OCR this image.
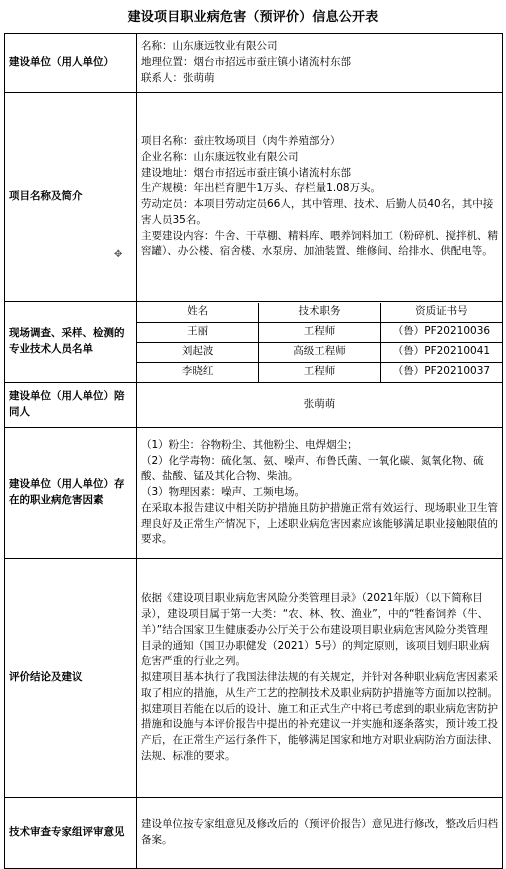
建设项目职业病危害（预评价）信息公开表
建设单位（用人单位）	
名称：山东康远牧业有限公司
地理位置：烟台市招远市蚕庄镇小诸流村东部
联系人：张萌萌

项目名称及简介	
项目名称：蚕庄牧场项目（肉牛养殖部分）
企业名称：山东康远牧业有限公司
建设地址：烟台市招远市蚕庄镇小诸流村东部
生产规模：年出栏育肥牛1万头、存栏量1.08万头。
劳动定员：本项目劳动定员66人，其中管理、技术、后勤人员40名，其中接害人员35名。
主要建设内容：牛舍、干草棚、精料库、喂养饲料加工（粉碎机、搅拌机、精窖罐）、办公楼、宿舍楼、水泵房、加油装置、维修间、给排水、供配电等。

现场调查、采样、检测的专业技术人员名单	
姓名	技术职务	资质证书号
王丽	工程师	（鲁）PF20210036
刘起波	高级工程师	（鲁）PF20210041
李晓红	工程师	（鲁）PF20210037

建设单位（用人单位）陪同人	张萌萌
建设单位（用人单位）存在的职业病危害因素	
（1）粉尘：谷物粉尘、其他粉尘、电焊烟尘；
（2）化学毒物：硫化氢、氨、噪声、布鲁氏菌、一氧化碳、氮氧化物、硫酸、盐酸、锰及其化合物、柴油。
（3）物理因素：噪声、工频电场。
在采取本报告建议中相关防护措施且防护措施正常有效运行、现场职业卫生管理良好及正常生产情况下，上述职业病危害因素应该能够满足职业接触限值的要求。

评价结论及建议	
依据《建设项目职业病危害风险分类管理目录》（2021年版）（以下简称目录），建设项目属于第一大类：“农、林、牧、渔业”，中的“牲畜饲养（牛、羊）”结合国家卫生健康委办公厅关于公布建设项目职业病危害风险分类管理目录的通知（国卫办职健发（2021）5号）的判定原则，该项目划归职业病危害严重的行业之列。
拟建项目基本执行了我国法律法规的有关规定，并针对各种职业病危害因素采取了相应的措施，从生产工艺的控制技术及职业病防护措施等方面加以控制。拟建项目若能在以后的设计、施工和正式生产中将已考虑到的职业病危害防护措施和设施与本评价报告中提出的补充建议一并实施和逐条落实，预计竣工投产后，在正常生产运行条件下，能够满足国家和地方对职业病防治方面法律、法规、标准的要求。

技术审查专家组评审意见	
建设单位按专家组意见及修改后的（预评价报告）意见进行修改，整改后归档备案。
✥
